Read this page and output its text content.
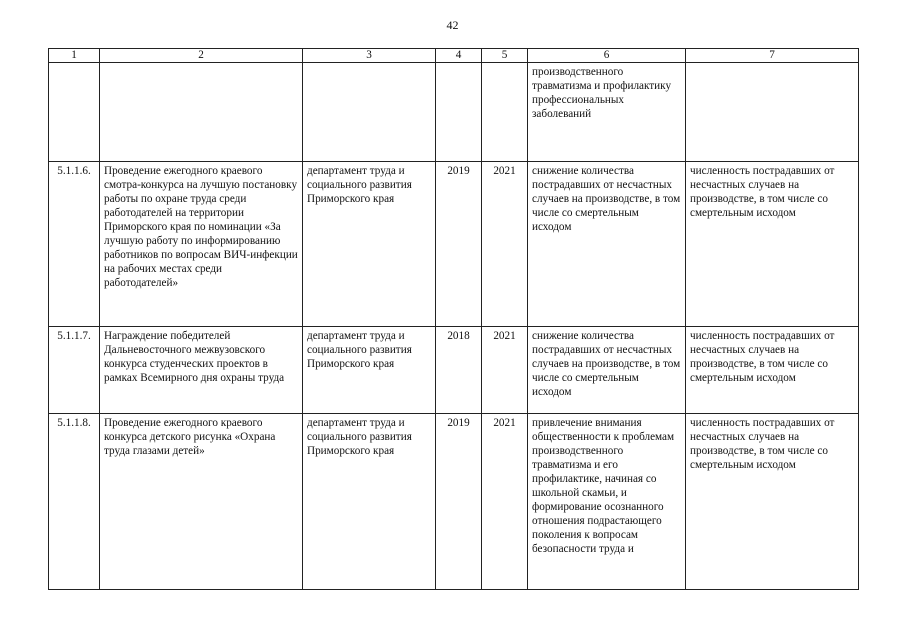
42
1	2	3	4	5	6	7
					производственного травматизма и профилактику профессиональных заболеваний	
5.1.1.6.	Проведение ежегодного краевого смотра-конкурса на лучшую постановку работы по охране труда среди работодателей на территории Приморского края по номинации «За лучшую работу по информированию работников по вопросам ВИЧ-инфекции на рабочих местах среди работодателей»	департамент труда и социального развития Приморского края	2019	2021	снижение количества пострадавших от несчастных случаев на производстве, в том числе со смертельным исходом	численность пострадавших от несчастных случаев на производстве, в том числе со смертельным исходом
5.1.1.7.	Награждение победителей Дальневосточного межвузовского конкурса студенческих проектов в рамках Всемирного дня охраны труда	департамент труда и социального развития Приморского края	2018	2021	снижение количества пострадавших от несчастных случаев на производстве, в том числе со смертельным исходом	численность пострадавших от несчастных случаев на производстве, в том числе со смертельным исходом
5.1.1.8.	Проведение ежегодного краевого конкурса детского рисунка «Охрана труда глазами детей»	департамент труда и социального развития Приморского края	2019	2021	привлечение внимания общественности к проблемам производственного травматизма и его профилактике, начиная со школьной скамьи, и формирование осознанного отношения подрастающего поколения к вопросам безопасности труда и	численность пострадавших от несчастных случаев на производстве, в том числе со смертельным исходом
